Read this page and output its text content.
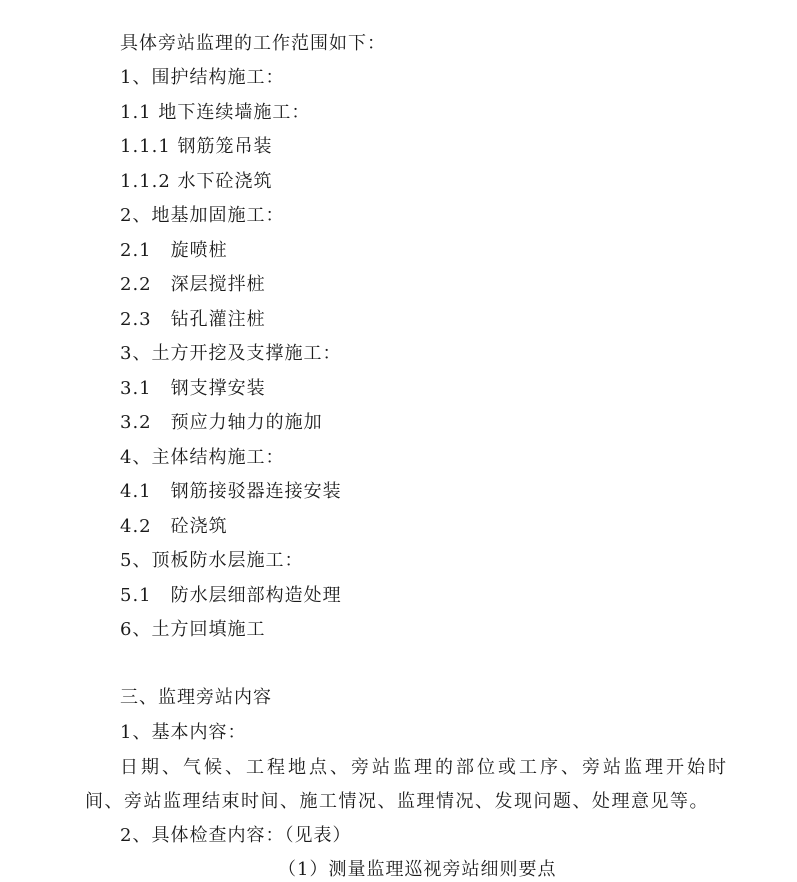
具体旁站监理的工作范围如下：
1、围护结构施工：
1.1 地下连续墙施工：
1.1.1 钢筋笼吊装
1.1.2 水下砼浇筑
2、地基加固施工：
2.1　旋喷桩
2.2　深层搅拌桩
2.3　钻孔灌注桩
3、土方开挖及支撑施工：
3.1　钢支撑安装
3.2　预应力轴力的施加
4、主体结构施工：
4.1　钢筋接驳器连接安装
4.2　砼浇筑
5、顶板防水层施工：
5.1　防水层细部构造处理
6、土方回填施工
三、监理旁站内容
1、基本内容：
日期、气候、工程地点、旁站监理的部位或工序、旁站监理开始时
间、旁站监理结束时间、施工情况、监理情况、发现问题、处理意见等。
2、具体检查内容：（见表）
（1）测量监理巡视旁站细则要点
